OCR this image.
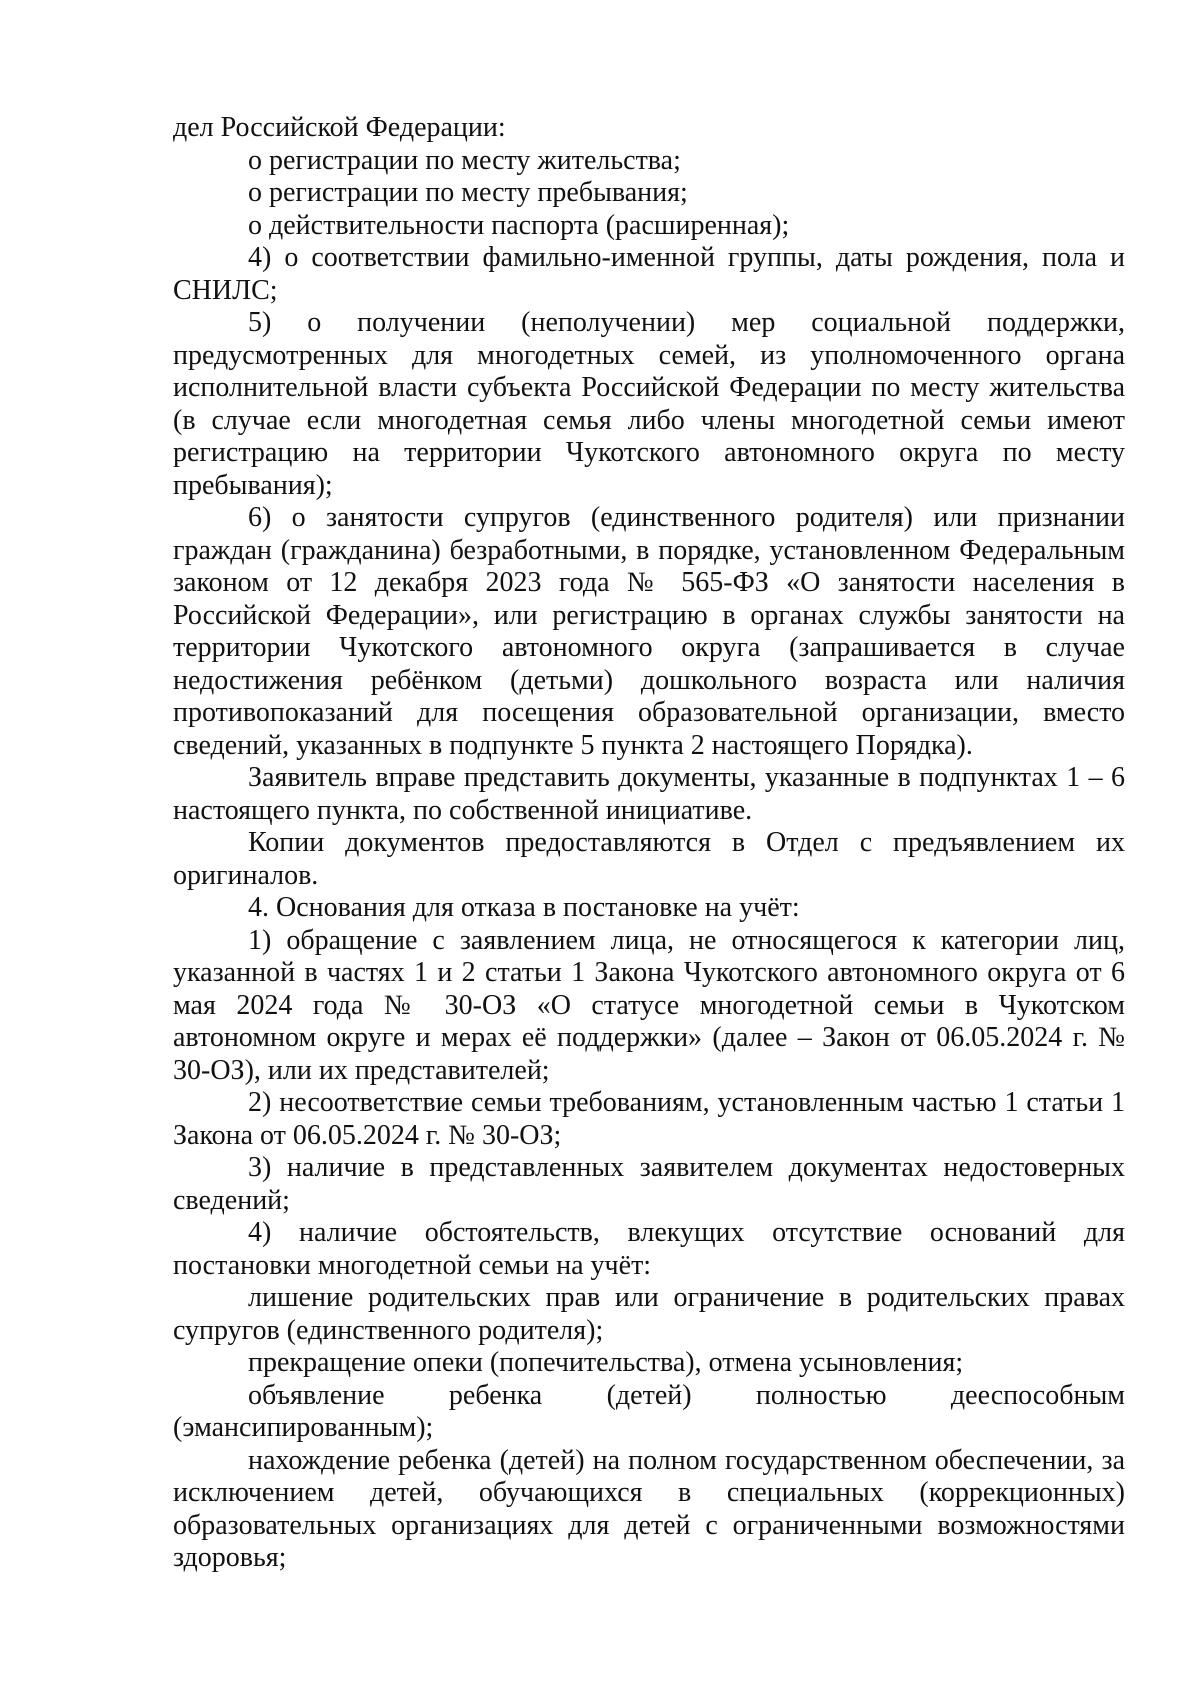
дел Российской Федерации:

о регистрации по месту жительства;

о регистрации по месту пребывания;

о действительности паспорта (расширенная);

4) о соответствии фамильно-именной группы, даты рождения, пола и СНИЛС;

5) о получении (неполучении) мер социальной поддержки, предусмотренных для многодетных семей, из уполномоченного органа исполнительной власти субъекта Российской Федерации по месту жительства (в случае если многодетная семья либо члены многодетной семьи имеют регистрацию на территории Чукотского автономного округа по месту пребывания);

6) о занятости супругов (единственного родителя) или признании граждан (гражданина) безработными, в порядке, установленном Федеральным законом от 12 декабря 2023 года № 565-ФЗ «О занятости населения в Российской Федерации», или регистрацию в органах службы занятости на территории Чукотского автономного округа (запрашивается в случае недостижения ребёнком (детьми) дошкольного возраста или наличия противопоказаний для посещения образовательной организации, вместо сведений, указанных в подпункте 5 пункта 2 настоящего Порядка).

Заявитель вправе представить документы, указанные в подпунктах 1 – 6 настоящего пункта, по собственной инициативе.

Копии документов предоставляются в Отдел с предъявлением их оригиналов.

4. Основания для отказа в постановке на учёт:

1) обращение с заявлением лица, не относящегося к категории лиц, указанной в частях 1 и 2 статьи 1 Закона Чукотского автономного округа от 6 мая 2024 года № 30-ОЗ «О статусе многодетной семьи в Чукотском автономном округе и мерах её поддержки» (далее – Закон от 06.05.2024 г. № 30-ОЗ), или их представителей;

2) несоответствие семьи требованиям, установленным частью 1 статьи 1 Закона от 06.05.2024 г. № 30-ОЗ;

3) наличие в представленных заявителем документах недостоверных сведений;

4) наличие обстоятельств, влекущих отсутствие оснований для постановки многодетной семьи на учёт:

лишение родительских прав или ограничение в родительских правах супругов (единственного родителя);

прекращение опеки (попечительства), отмена усыновления;

объявление ребенка (детей) полностью дееспособным (эмансипированным);

нахождение ребенка (детей) на полном государственном обеспечении, за исключением детей, обучающихся в специальных (коррекционных) образовательных организациях для детей с ограниченными возможностями здоровья;
